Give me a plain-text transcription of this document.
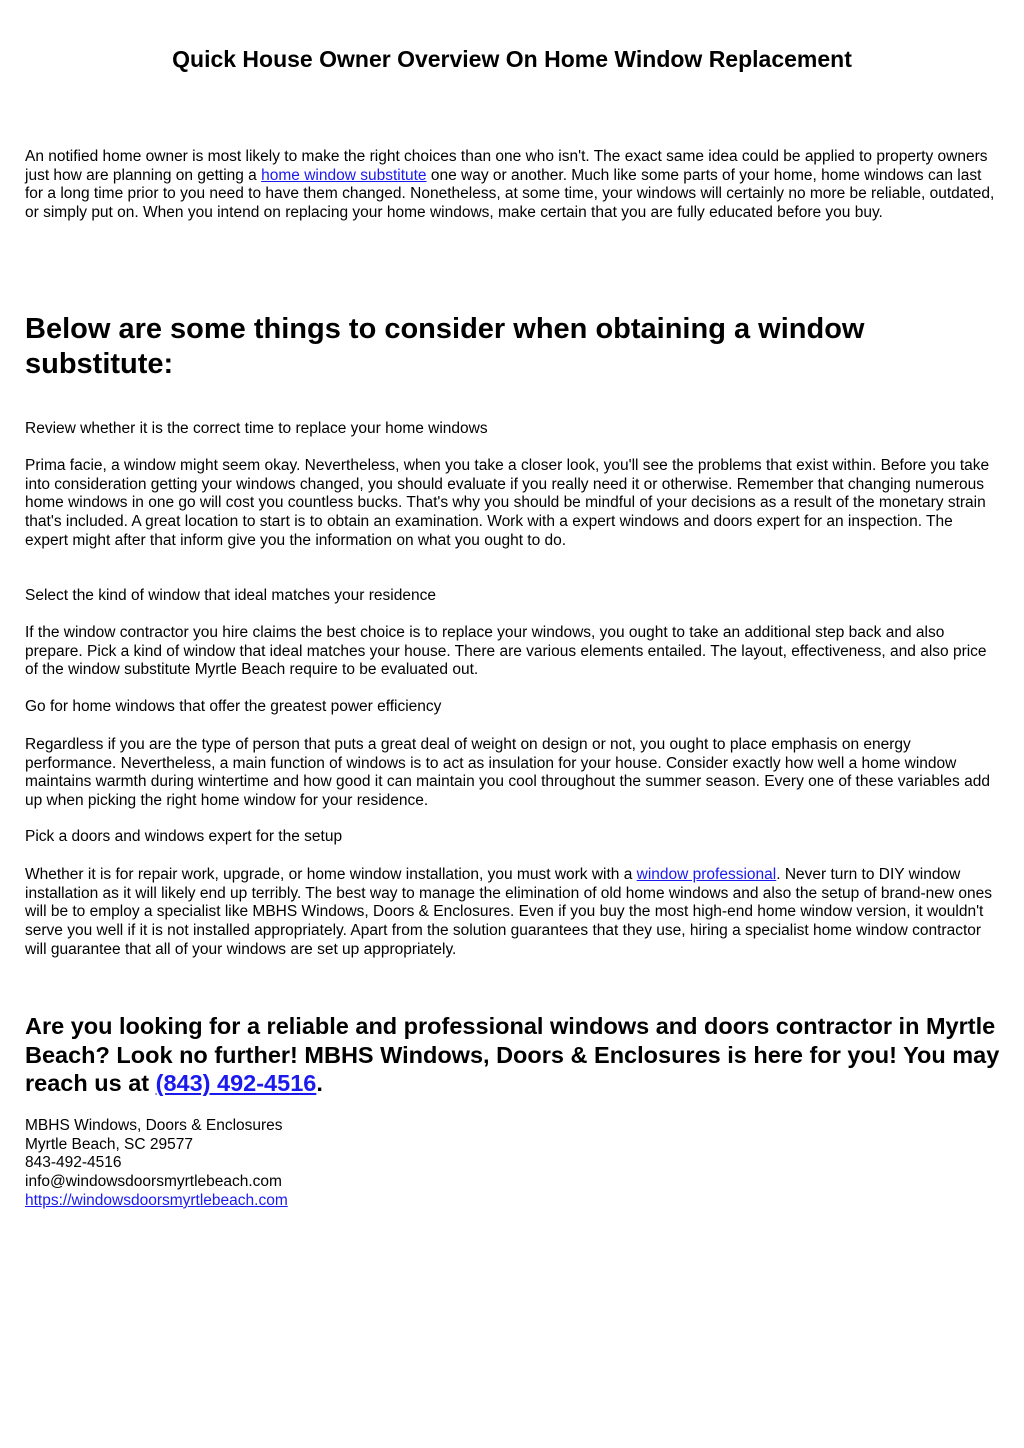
Quick House Owner Overview On Home Window Replacement

An notified home owner is most likely to make the right choices than one who isn't. The exact same idea could be applied to property owners just how are planning on getting a home window substitute one way or another. Much like some parts of your home, home windows can last for a long time prior to you need to have them changed. Nonetheless, at some time, your windows will certainly no more be reliable, outdated, or simply put on. When you intend on replacing your home windows, make certain that you are fully educated before you buy.

Below are some things to consider when obtaining a window substitute:

Review whether it is the correct time to replace your home windows

Prima facie, a window might seem okay. Nevertheless, when you take a closer look, you'll see the problems that exist within. Before you take into consideration getting your windows changed, you should evaluate if you really need it or otherwise. Remember that changing numerous home windows in one go will cost you countless bucks. That's why you should be mindful of your decisions as a result of the monetary strain that's included. A great location to start is to obtain an examination. Work with a expert windows and doors expert for an inspection. The expert might after that inform give you the information on what you ought to do.

Select the kind of window that ideal matches your residence

If the window contractor you hire claims the best choice is to replace your windows, you ought to take an additional step back and also prepare. Pick a kind of window that ideal matches your house. There are various elements entailed. The layout, effectiveness, and also price of the window substitute Myrtle Beach require to be evaluated out.

Go for home windows that offer the greatest power efficiency

Regardless if you are the type of person that puts a great deal of weight on design or not, you ought to place emphasis on energy performance. Nevertheless, a main function of windows is to act as insulation for your house. Consider exactly how well a home window maintains warmth during wintertime and how good it can maintain you cool throughout the summer season. Every one of these variables add up when picking the right home window for your residence.

Pick a doors and windows expert for the setup

Whether it is for repair work, upgrade, or home window installation, you must work with a window professional. Never turn to DIY window installation as it will likely end up terribly. The best way to manage the elimination of old home windows and also the setup of brand-new ones will be to employ a specialist like MBHS Windows, Doors & Enclosures. Even if you buy the most high-end home window version, it wouldn't serve you well if it is not installed appropriately. Apart from the solution guarantees that they use, hiring a specialist home window contractor will guarantee that all of your windows are set up appropriately.

Are you looking for a reliable and professional windows and doors contractor in Myrtle Beach? Look no further! MBHS Windows, Doors & Enclosures is here for you! You may reach us at (843) 492-4516.
MBHS Windows, Doors & Enclosures
Myrtle Beach, SC 29577
843-492-4516
info@windowsdoorsmyrtlebeach.com
https://windowsdoorsmyrtlebeach.com
